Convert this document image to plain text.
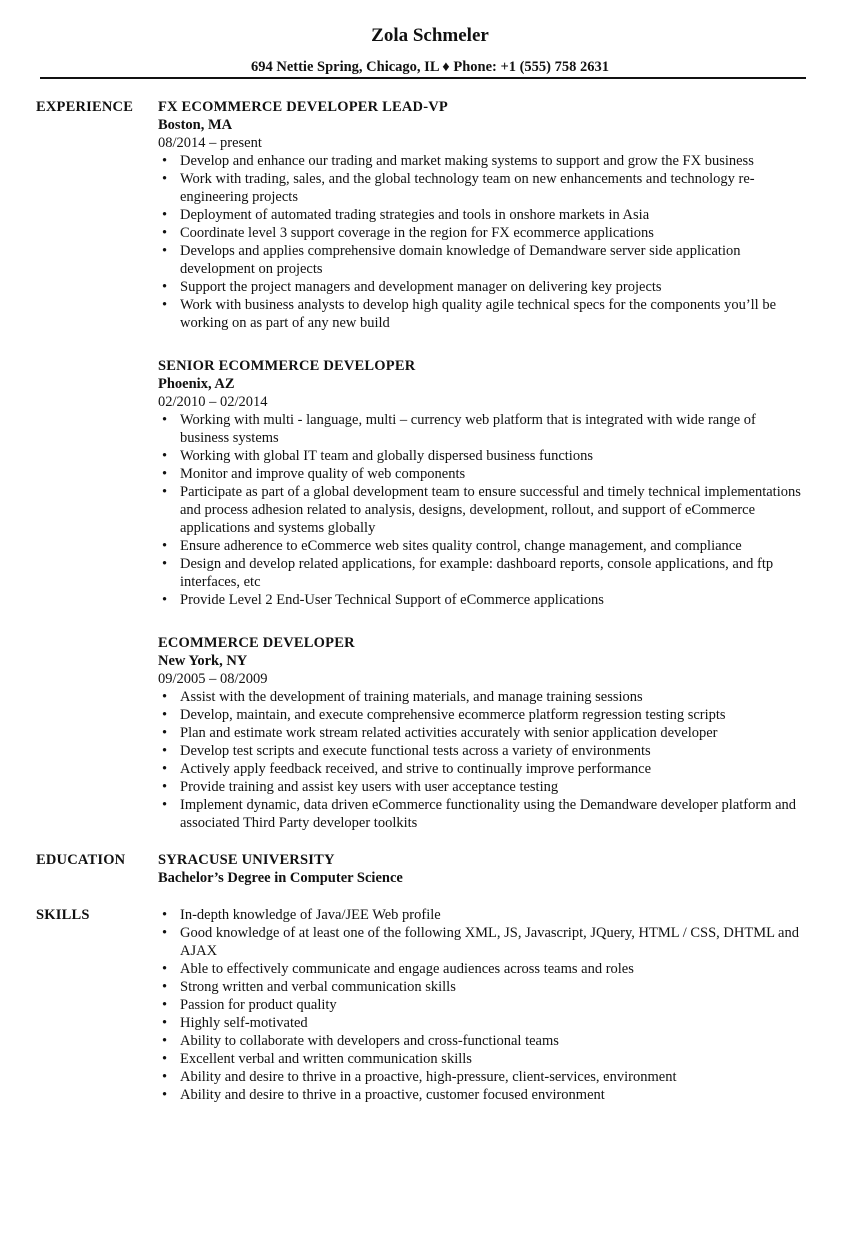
Zola Schmeler
694 Nettie Spring, Chicago, IL ♦ Phone: +1 (555) 758 2631
EXPERIENCE FX ECOMMERCE DEVELOPER LEAD-VP
Boston, MA
08/2014 – present
• Develop and enhance our trading and market making systems to support and grow the FX business
• Work with trading, sales, and the global technology team on new enhancements and technology re-engineering projects
• Deployment of automated trading strategies and tools in onshore markets in Asia
• Coordinate level 3 support coverage in the region for FX ecommerce applications
• Develops and applies comprehensive domain knowledge of Demandware server side application development on projects
• Support the project managers and development manager on delivering key projects
• Work with business analysts to develop high quality agile technical specs for the components you’ll be working on as part of any new build
SENIOR ECOMMERCE DEVELOPER
Phoenix, AZ
02/2010 – 02/2014
• Working with multi - language, multi – currency web platform that is integrated with wide range of business systems
• Working with global IT team and globally dispersed business functions
• Monitor and improve quality of web components
• Participate as part of a global development team to ensure successful and timely technical implementations and process adhesion related to analysis, designs, development, rollout, and support of eCommerce applications and systems globally
• Ensure adherence to eCommerce web sites quality control, change management, and compliance
• Design and develop related applications, for example: dashboard reports, console applications, and ftp interfaces, etc
• Provide Level 2 End-User Technical Support of eCommerce applications
ECOMMERCE DEVELOPER
New York, NY
09/2005 – 08/2009
• Assist with the development of training materials, and manage training sessions
• Develop, maintain, and execute comprehensive ecommerce platform regression testing scripts
• Plan and estimate work stream related activities accurately with senior application developer
• Develop test scripts and execute functional tests across a variety of environments
• Actively apply feedback received, and strive to continually improve performance
• Provide training and assist key users with user acceptance testing
• Implement dynamic, data driven eCommerce functionality using the Demandware developer platform and associated Third Party developer toolkits
EDUCATION SYRACUSE UNIVERSITY
Bachelor’s Degree in Computer Science
SKILLS
•	In-depth knowledge of Java/JEE Web profile
• Good knowledge of at least one of the following XML, JS, Javascript, JQuery, HTML / CSS, DHTML and AJAX
• Able to effectively communicate and engage audiences across teams and roles
• Strong written and verbal communication skills
• Passion for product quality
• Highly self-motivated
• Ability to collaborate with developers and cross-functional teams
• Excellent verbal and written communication skills
• Ability and desire to thrive in a proactive, high-pressure, client-services, environment
• Ability and desire to thrive in a proactive, customer focused environment
